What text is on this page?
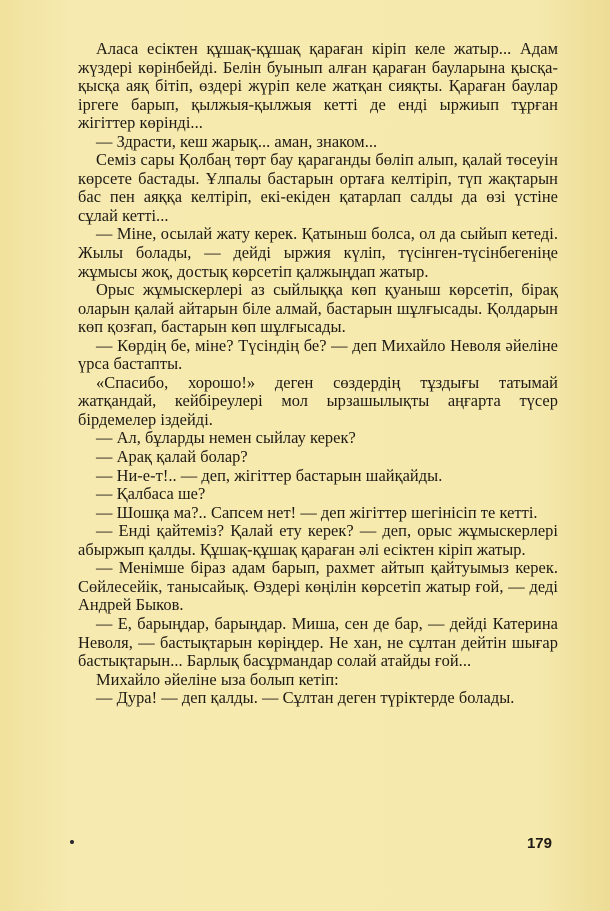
Аласа есіктен құшақ-құшақ қараған кіріп келе жатыр... Адам жүздері көрінбейді. Белін буынып алған қараған бауларына қысқа-қысқа аяқ бітіп, өздері жүріп келе жатқан сияқты. Қараған баулар іргеге барып, қылжыя-қылжыя кетті де енді ыржиып тұрған жігіттер көрінді...

— Здрасти, кеш жарық... аман, знаком...

Семіз сары Қолбаң төрт бау қараганды бөліп алып, қалай төсеуін көрсете бастады. Ұлпалы бастарын ортаға келтіріп, түп жақтарын бас пен аяққа келтіріп, екі-екіден қатарлап салды да өзі үстіне сұлай кетті...

— Міне, осылай жату керек. Қатыньш болса, ол да сыйып кетеді. Жылы болады, — дейді ыржия күліп, түсінген-түсінбегеніңе жұмысы жоқ, достық көрсетіп қалжыңдап жатыр.

Орыс жұмыскерлері аз сыйлыққа көп қуаныш көрсетіп, бірақ оларын қалай айтарын біле алмай, бастарын шұлғысады. Қолдарын көп қозғап, бастарын көп шұлғысады.

— Көрдің бе, міне? Түсіндің бе? — деп Михайло Неволя әйеліне үрса бастапты.

«Спасибо, хорошо!» деген сөздердің тұздығы татымай жатқандай, кейбіреулері мол ырзашылықты аңғарта түсер бірдемелер іздейді.

— Ал, бұларды немен сыйлау керек?

— Арақ қалай болар?

— Ни-е-т!.. — деп, жігіттер бастарын шайқайды.

— Қалбаса ше?

— Шошқа ма?.. Сапсем нет! — деп жігіттер шегінісіп те кетті.

— Енді қайтеміз? Қалай ету керек? — деп, орыс жұмыскерлері абыржып қалды. Құшақ-құшақ қараған әлі есіктен кіріп жатыр.

— Менімше біраз адам барып, рахмет айтып қайтуымыз керек. Сөйлесейік, танысайық. Өздері көңілін көрсетіп жатыр ғой, — деді Андрей Быков.

— Е, барыңдар, барыңдар. Миша, сен де бар, — дейді Катерина Неволя, — бастықтарын көріңдер. Не хан, не сұлтан дейтін шығар бастықтарын... Барлық басұрмандар солай атайды ғой...

Михайло әйеліне ыза болып кетіп:

— Дура! — деп қалды. — Сұлтан деген түріктерде болады.

179
